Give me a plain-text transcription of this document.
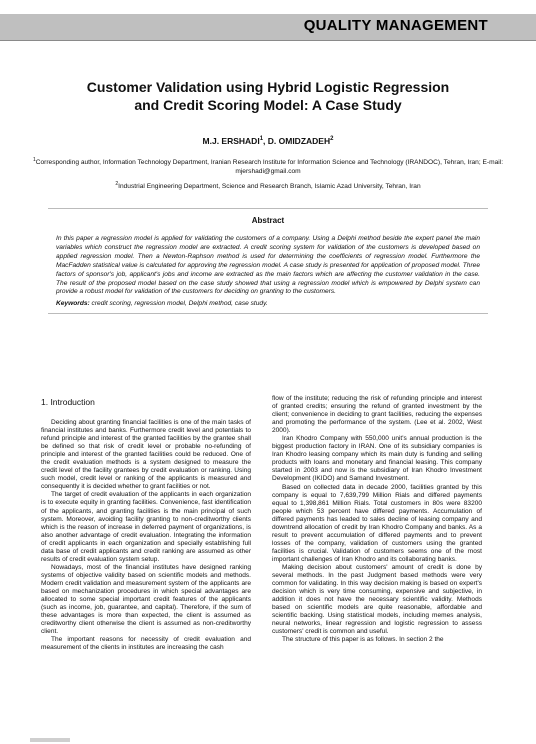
QUALITY MANAGEMENT
Customer Validation using Hybrid Logistic Regression
and Credit Scoring Model: A Case Study
M.J. ERSHADI$^1$, D. OMIDZADEH$^2$
$^1$Corresponding author, Information Technology Department, Iranian Research Institute for Information Science and Technology (IRANDOC), Tehran, Iran; E-mail: mjershadi@gmail.com
$^2$Industrial Engineering Department, Science and Research Branch, Islamic Azad University, Tehran, Iran
Abstract

In this paper a regression model is applied for validating the customers of a company. Using a Delphi method beside the expert panel the main variables which construct the regression model are extracted. A credit scoring system for validation of the customers is developed based on applied regression model. Then a Newton-Raphson method is used for determining the coefficients of regression model. Furthermore the MacFadden statistical value is calculated for approving the regression model. A case study is presented for application of proposed model. Three factors of sponsor's job, applicant's jobs and income are extracted as the main factors which are affecting the customer validation in the case. The result of the proposed model based on the case study showed that using a regression model which is empowered by Delphi system can provide a robust model for validation of the customers for deciding on granting to the customers.

Keywords: credit scoring, regression model, Delphi method, case study.

1. Introduction

Deciding about granting financial facilities is one of the main tasks of financial institutes and banks. Furthermore credit level and potentials to refund principle and interest of the granted facilities by the grantee shall be defined so that risk of credit level or probable no-refunding of principle and interest of the granted facilities could be reduced. One of the credit evaluation methods is a system designed to measure the credit level of the facility grantees by credit evaluation or ranking. Using such model, credit level or ranking of the applicants is measured and consequently it is decided whether to grant facilities or not.

The target of credit evaluation of the applicants in each organization is to execute equity in granting facilities. Convenience, fast identification of the applicants, and granting facilities is the main principal of such system. Moreover, avoiding facility granting to non-creditworthy clients which is the reason of increase in deferred payment of organizations, is also another advantage of credit evaluation. Integrating the information of credit applicants in each organization and specially establishing full data base of credit applicants and credit ranking are assumed as other results of credit evaluation system setup.

Nowadays, most of the financial institutes have designed ranking systems of objective validity based on scientific models and methods. Modern credit validation and measurement system of the applicants are based on mechanization procedures in which special advantages are allocated to some special important credit features of the applicants (such as income, job, guarantee, and capital). Therefore, if the sum of these advantages is more than expected, the client is assumed as creditworthy client otherwise the client is assumed as non-creditworthy client.

The important reasons for necessity of credit evaluation and measurement of the clients in institutes are increasing the cash

flow of the institute; reducing the risk of refunding principle and interest of granted credits; ensuring the refund of granted investment by the client; convenience in deciding to grant facilities, reducing the expenses and promoting the performance of the system. (Lee et al. 2002, West 2000).

Iran Khodro Company with 550,000 unit's annual production is the biggest production factory in IRAN. One of its subsidiary companies is Iran Khodro leasing company which its main duty is funding and selling products with loans and monetary and financial leasing. This company started in 2003 and now is the subsidiary of Iran Khodro Investment Development (IKIDO) and Samand Investment.

Based on collected data in decade 2000, facilities granted by this company is equal to 7,639,799 Million Rials and differed payments equal to 1,398,861 Million Rials. Total customers in 80s were 83200 people which 53 percent have differed payments. Accumulation of differed payments has leaded to sales decline of leasing company and downtrend allocation of credit by Iran Khodro Company and banks. As a result to prevent accumulation of differed payments and to prevent losses of the company, validation of customers using the granted facilities is crucial. Validation of customers seems one of the most important challenges of Iran Khodro and its collaborating banks.

Making decision about customers' amount of credit is done by several methods. In the past Judgment based methods were very common for validating. In this way decision making is based on expert's decision which is very time consuming, expensive and subjective, in addition it does not have the necessary scientific validity. Methods based on scientific models are quite reasonable, affordable and scientific backing. Using statistical models, including memes analysis, neural networks, linear regression and logistic regression to assess customers' credit is common and useful.

The structure of this paper is as follows. In section 2 the
